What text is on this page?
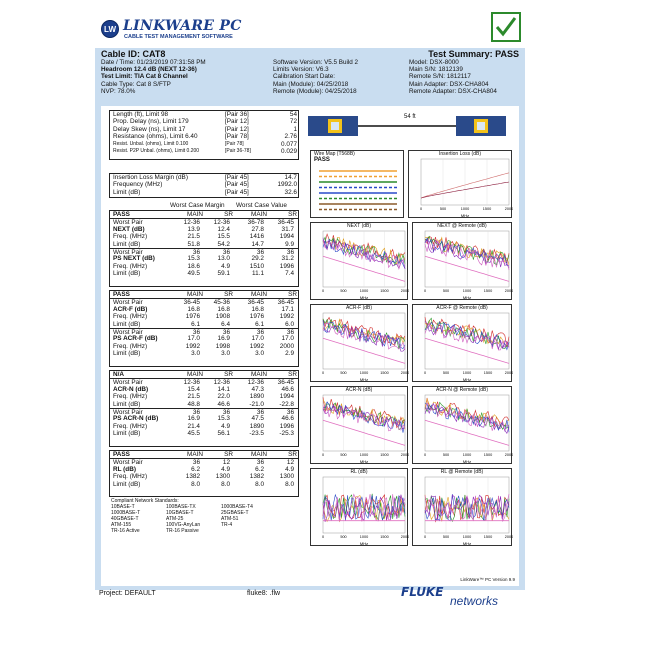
LW LINKWARE PC
CABLE TEST MANAGEMENT SOFTWARE
Cable ID: CAT8	Test Summary: PASS
Date / Time: 01/23/2019 07:31:58 PM
Headroom 12.4 dB (NEXT 12-36)
Test Limit: TIA Cat 8 Channel
Cable Type: Cat 8 S/FTP
NVP: 78.0%
Software Version: V5.5 Build 2
Limits Version: V6.3
Calibration Start Date:
Main (Module): 04/25/2018
Remote (Module): 04/25/2018
Model: DSX-8000
Main S/N: 1812139
Remote S/N: 1812117
Main Adapter: DSX-CHA804
Remote Adapter: DSX-CHA804
Length (ft), Limit 98	[Pair 36]	54
Prop. Delay (ns), Limit 179	[Pair 12]	72
Delay Skew (ns), Limit 17	[Pair 12]	1
Resistance (ohms), Limit 6.40	[Pair 78]	2.76
Resist. Unbal. (ohms), Limit 0.100	[Pair 78]	0.077
Resist. P2P Unbal. (ohms), Limit 0.200	[Pair 36-78]	0.029
Insertion Loss Margin (dB)	[Pair 45]	14.7
Frequency (MHz)	[Pair 45]	1992.0
Limit (dB)	[Pair 45]	32.6
Worst Case Margin Worst Case Value
PASS	MAIN	SR	MAIN	SR
Worst Pair	12-36	12-36	36-78	36-45
NEXT (dB)	13.9	12.4	27.8	31.7
Freq. (MHz)	21.5	15.5	1416	1994
Limit (dB)	51.8	54.2	14.7	9.9
Worst Pair	36	36	36	36
PS NEXT (dB)	15.3	13.0	29.2	31.2
Freq. (MHz)	18.6	4.9	1510	1996
Limit (dB)	49.5	59.1	11.1	7.4
PASS	MAIN	SR	MAIN	SR
Worst Pair	36-45	45-36	36-45	36-45
ACR-F (dB)	16.8	16.8	16.8	17.1
Freq. (MHz)	1976	1908	1976	1992
Limit (dB)	6.1	6.4	6.1	6.0
Worst Pair	36	36	36	36
PS ACR-F (dB)	17.0	16.9	17.0	17.0
Freq. (MHz)	1992	1998	1992	2000
Limit (dB)	3.0	3.0	3.0	2.9
N/A	MAIN	SR	MAIN	SR
Worst Pair	12-36	12-36	12-36	36-45
ACR-N (dB)	15.4	14.1	47.3	46.6
Freq. (MHz)	21.5	22.0	1890	1994
Limit (dB)	48.8	46.6	-21.0	-22.8
Worst Pair	36	36	36	36
PS ACR-N (dB)	16.9	15.3	47.5	46.6
Freq. (MHz)	21.4	4.9	1890	1996
Limit (dB)	45.5	56.1	-23.5	-25.3
PASS	MAIN	SR	MAIN	SR
Worst Pair	36	12	36	12
RL (dB)	6.2	4.9	6.2	4.9
Freq. (MHz)	1382	1300	1382	1300
Limit (dB)	8.0	8.0	8.0	8.0
Compliant Network Standards:
10BASE-T	100BASE-TX	1000BASE-T4
1000BASE-T	10GBASE-T	25GBASE-T
40GBASE-T	ATM-25	ATM-51
ATM-155	100VG-AnyLan	TR-4
TR-16 Active	TR-16 Passive
54 ft
Wire Map (T568B)
PASS
Insertion Loss (dB)
0	500	1000	1500	2000
MHz
NEXT (dB)
0	500	1000	1500	2000
MHz
NEXT @ Remote (dB)
0	500	1000	1500	2000
MHz
ACR-F (dB)
0	500	1000	1500	2000
MHz
ACR-F @ Remote (dB)
0	500	1000	1500	2000
MHz
ACR-N (dB)
0	500	1000	1500	2000
MHz
ACR-N @ Remote (dB)
0	500	1000	1500	2000
MHz
RL (dB)
0	500	1000	1500	2000
MHz
RL @ Remote (dB)
0	500	1000	1500	2000
MHz
LinkWare™ PC Version 9.9
Project: DEFAULT	fluke8: .flw	FLUKE
networks
